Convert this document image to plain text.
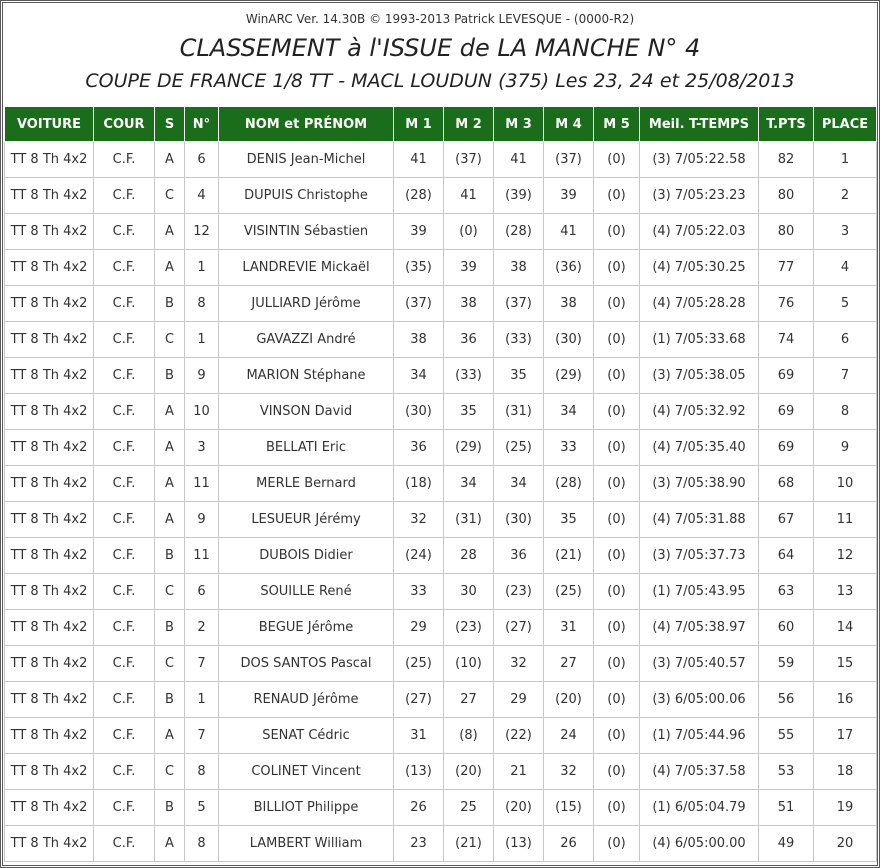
WinARC Ver. 14.30B © 1993-2013 Patrick LEVESQUE - (0000-R2)
CLASSEMENT à l'ISSUE de LA MANCHE N° 4
COUPE DE FRANCE 1/8 TT - MACL LOUDUN (375) Les 23, 24 et 25/08/2013
VOITURE	COUR	S	N°	NOM et PRÉNOM	M 1	M 2	M 3	M 4	M 5	Meil. T-TEMPS	T.PTS	PLACE
TT 8 Th 4x2	C.F.	A	6	DENIS Jean-Michel	41	(37)	41	(37)	(0)	(3) 7/05:22.58	82	1
TT 8 Th 4x2	C.F.	C	4	DUPUIS Christophe	(28)	41	(39)	39	(0)	(3) 7/05:23.23	80	2
TT 8 Th 4x2	C.F.	A	12	VISINTIN Sébastien	39	(0)	(28)	41	(0)	(4) 7/05:22.03	80	3
TT 8 Th 4x2	C.F.	A	1	LANDREVIE Mickaël	(35)	39	38	(36)	(0)	(4) 7/05:30.25	77	4
TT 8 Th 4x2	C.F.	B	8	JULLIARD Jérôme	(37)	38	(37)	38	(0)	(4) 7/05:28.28	76	5
TT 8 Th 4x2	C.F.	C	1	GAVAZZI André	38	36	(33)	(30)	(0)	(1) 7/05:33.68	74	6
TT 8 Th 4x2	C.F.	B	9	MARION Stéphane	34	(33)	35	(29)	(0)	(3) 7/05:38.05	69	7
TT 8 Th 4x2	C.F.	A	10	VINSON David	(30)	35	(31)	34	(0)	(4) 7/05:32.92	69	8
TT 8 Th 4x2	C.F.	A	3	BELLATI Eric	36	(29)	(25)	33	(0)	(4) 7/05:35.40	69	9
TT 8 Th 4x2	C.F.	A	11	MERLE Bernard	(18)	34	34	(28)	(0)	(3) 7/05:38.90	68	10
TT 8 Th 4x2	C.F.	A	9	LESUEUR Jérémy	32	(31)	(30)	35	(0)	(4) 7/05:31.88	67	11
TT 8 Th 4x2	C.F.	B	11	DUBOIS Didier	(24)	28	36	(21)	(0)	(3) 7/05:37.73	64	12
TT 8 Th 4x2	C.F.	C	6	SOUILLE René	33	30	(23)	(25)	(0)	(1) 7/05:43.95	63	13
TT 8 Th 4x2	C.F.	B	2	BEGUE Jérôme	29	(23)	(27)	31	(0)	(4) 7/05:38.97	60	14
TT 8 Th 4x2	C.F.	C	7	DOS SANTOS Pascal	(25)	(10)	32	27	(0)	(3) 7/05:40.57	59	15
TT 8 Th 4x2	C.F.	B	1	RENAUD Jérôme	(27)	27	29	(20)	(0)	(3) 6/05:00.06	56	16
TT 8 Th 4x2	C.F.	A	7	SENAT Cédric	31	(8)	(22)	24	(0)	(1) 7/05:44.96	55	17
TT 8 Th 4x2	C.F.	C	8	COLINET Vincent	(13)	(20)	21	32	(0)	(4) 7/05:37.58	53	18
TT 8 Th 4x2	C.F.	B	5	BILLIOT Philippe	26	25	(20)	(15)	(0)	(1) 6/05:04.79	51	19
TT 8 Th 4x2	C.F.	A	8	LAMBERT William	23	(21)	(13)	26	(0)	(4) 6/05:00.00	49	20
